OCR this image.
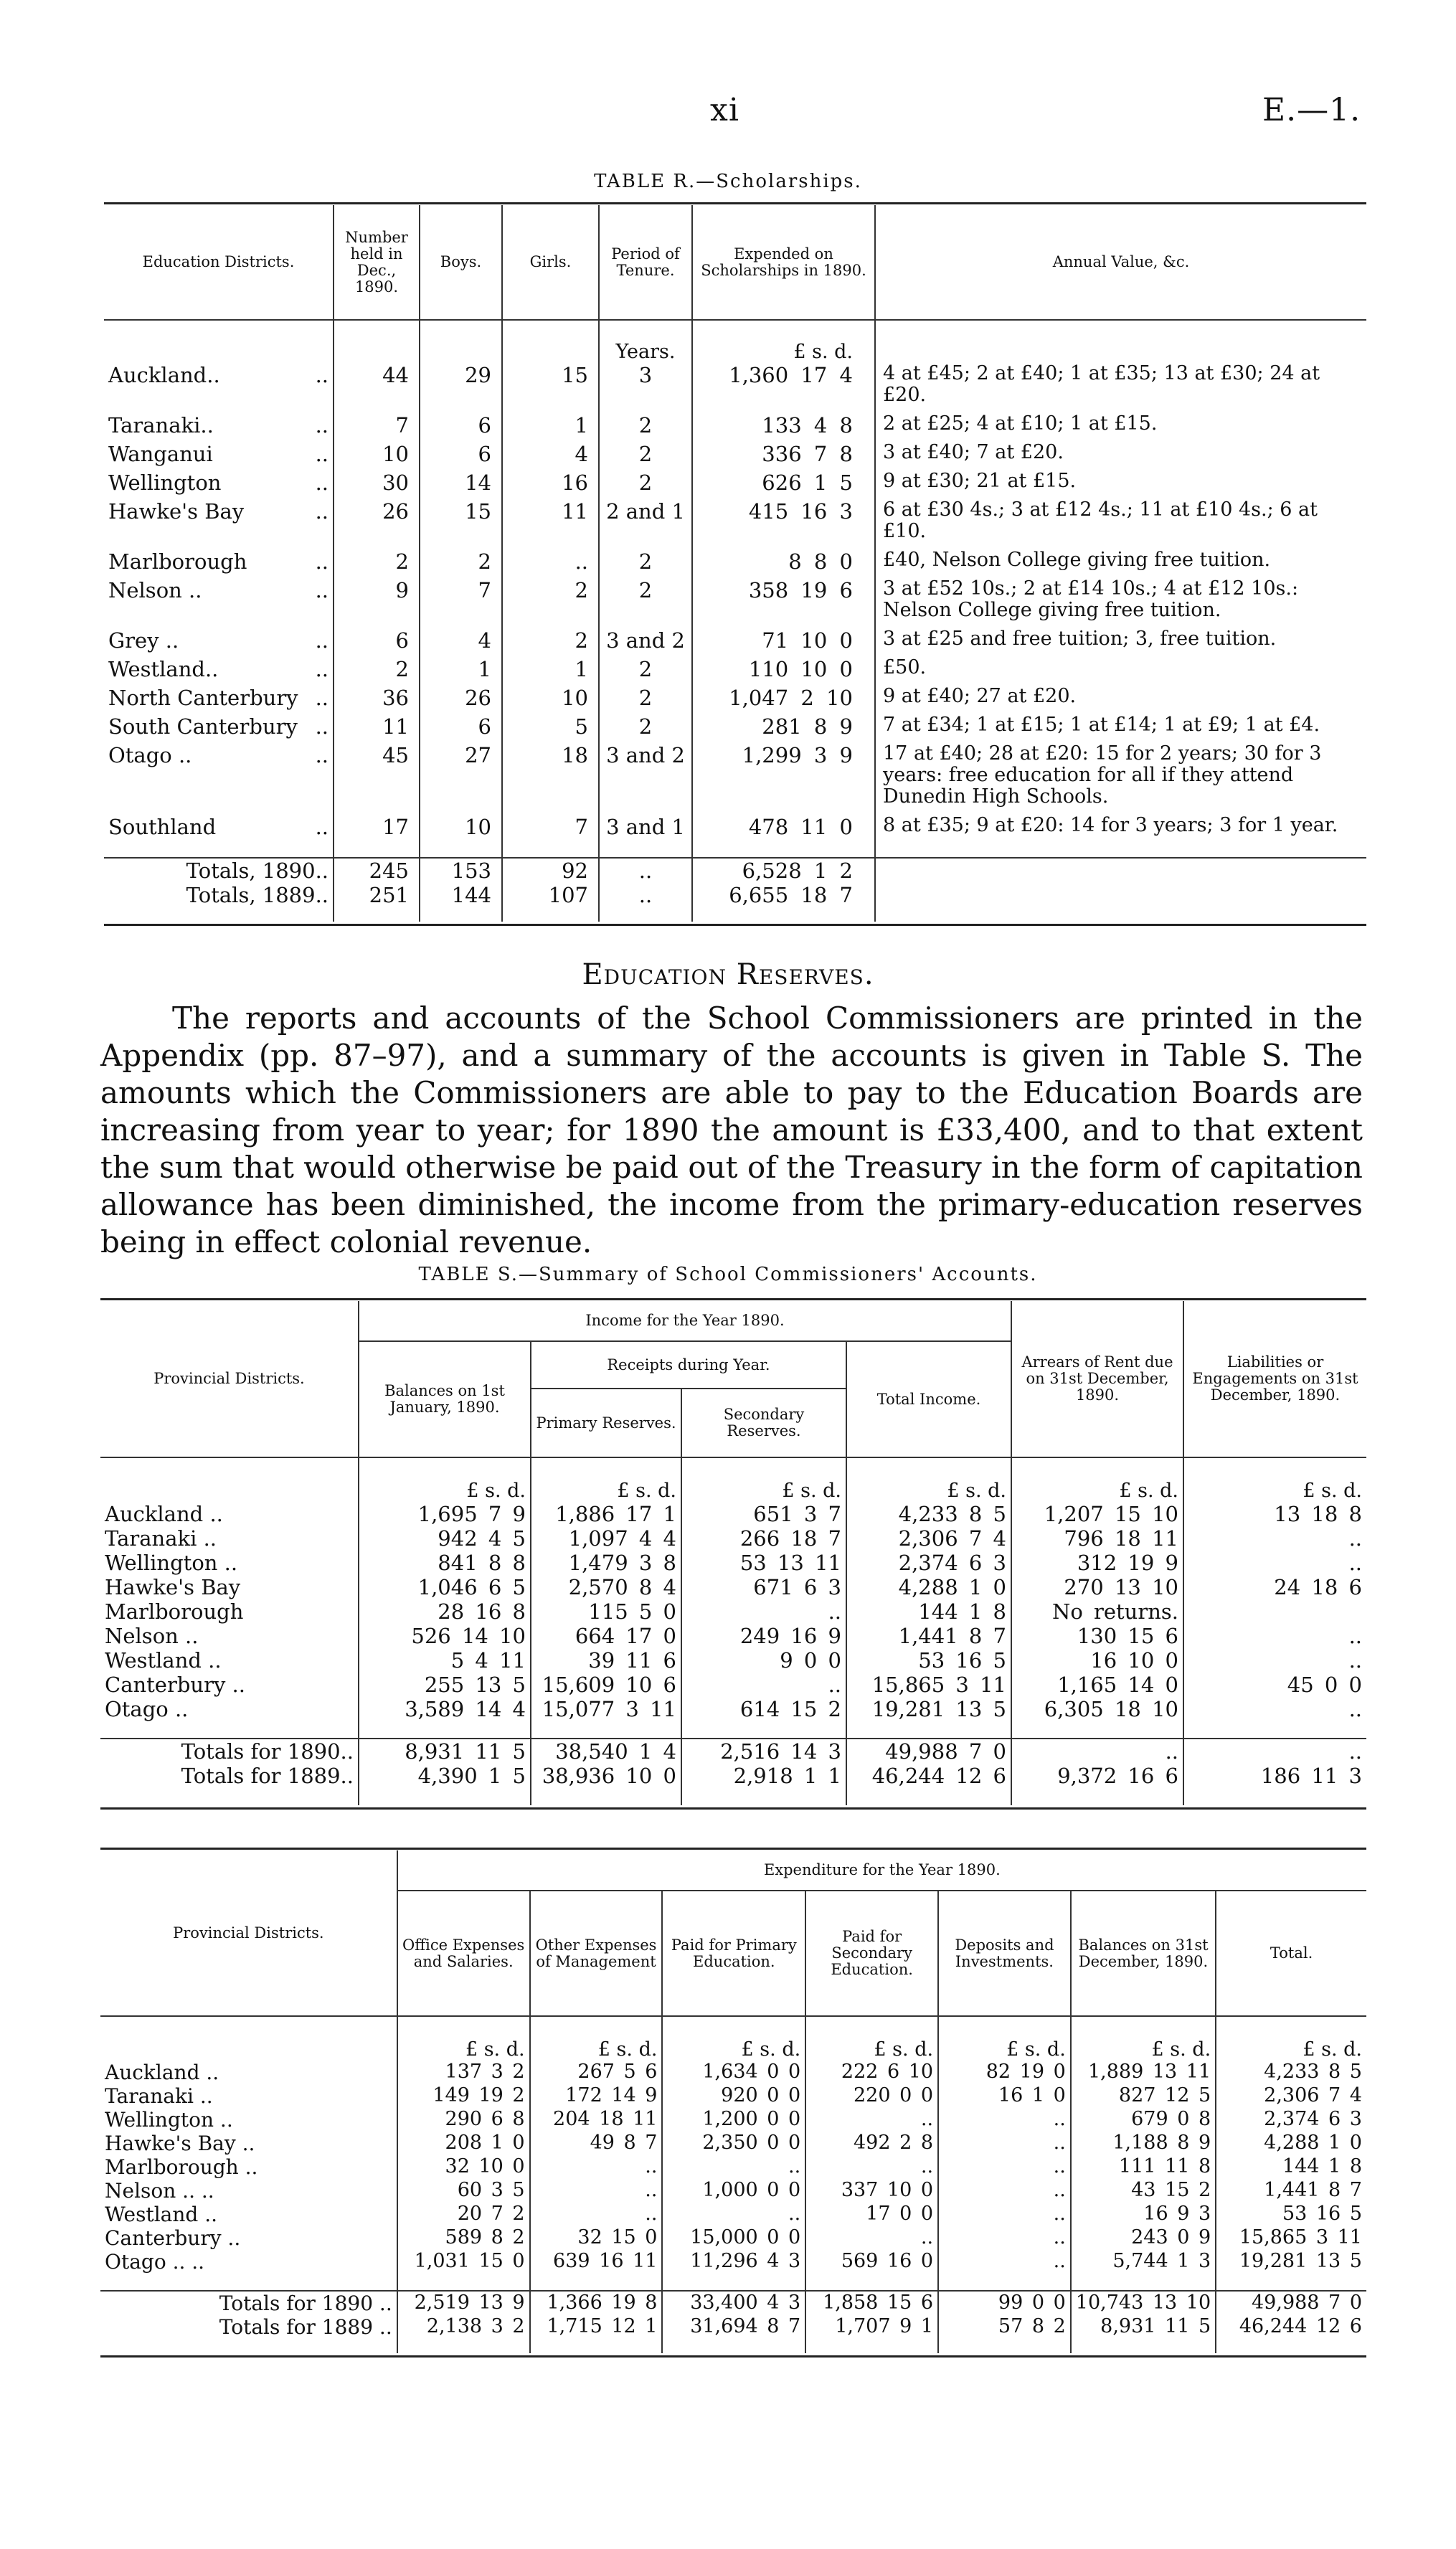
xi	E.—1.
TABLE R.—Scholarships.
Education Districts.	Number held in Dec., 1890.	Boys.	Girls.	Period of Tenure.	Expended on Scholarships in 1890.	Annual Value, &c.
				Years.	£ s. d.	
Auckland.. ..	44	29	15	3	1,360 17 4	4 at £45; 2 at £40; 1 at £35; 13 at £30; 24 at £20.
Taranaki.. ..	7	6	1	2	133 4 8	2 at £25; 4 at £10; 1 at £15.
Wanganui ..	10	6	4	2	336 7 8	3 at £40; 7 at £20.
Wellington ..	30	14	16	2	626 1 5	9 at £30; 21 at £15.
Hawke's Bay ..	26	15	11	2 and 1	415 16 3	6 at £30 4s.; 3 at £12 4s.; 11 at £10 4s.; 6 at £10.
Marlborough ..	2	2	..	2	8 8 0	£40, Nelson College giving free tuition.
Nelson .. ..	9	7	2	2	358 19 6	3 at £52 10s.; 2 at £14 10s.; 4 at £12 10s.: Nelson College giving free tuition.
Grey .. ..	6	4	2	3 and 2	71 10 0	3 at £25 and free tuition; 3, free tuition.
Westland.. ..	2	1	1	2	110 10 0	£50.
North Canterbury ..	36	26	10	2	1,047 2 10	9 at £40; 27 at £20.
South Canterbury ..	11	6	5	2	281 8 9	7 at £34; 1 at £15; 1 at £14; 1 at £9; 1 at £4.
Otago .. ..	45	27	18	3 and 2	1,299 3 9	17 at £40; 28 at £20: 15 for 2 years; 30 for 3 years: free education for all if they attend Dunedin High Schools.
Southland ..	17	10	7	3 and 1	478 11 0	8 at £35; 9 at £20: 14 for 3 years; 3 for 1 year.

Totals, 1890..	245	153	92	..	6,528 1 2	
Totals, 1889..	251	144	107	..	6,655 18 7	

Education Reserves.
The reports and accounts of the School Commissioners are printed in the Appendix (pp. 87–97), and a summary of the accounts is given in Table S. The amounts which the Commissioners are able to pay to the Education Boards are increasing from year to year; for 1890 the amount is £33,400, and to that extent the sum that would otherwise be paid out of the Treasury in the form of capitation allowance has been diminished, the income from the primary-education reserves being in effect colonial revenue.
TABLE S.—Summary of School Commissioners' Accounts.
Provincial Districts.	Income for the Year 1890.				Arrears of Rent due on 31st December, 1890.	Liabilities or Engagements on 31st December, 1890.
	Balances on 1st January, 1890.	Receipts during Year.		Total Income.		
		Primary Reserves.	Secondary Reserves.			
	£ s. d.	£ s. d.	£ s. d.	£ s. d.	£ s. d.	£ s. d.
Auckland ..	1,695 7 9	1,886 17 1	651 3 7	4,233 8 5	1,207 15 10	13 18 8
Taranaki ..	942 4 5	1,097 4 4	266 18 7	2,306 7 4	796 18 11	..
Wellington ..	841 8 8	1,479 3 8	53 13 11	2,374 6 3	312 19 9	..
Hawke's Bay	1,046 6 5	2,570 8 4	671 6 3	4,288 1 0	270 13 10	24 18 6
Marlborough	28 16 8	115 5 0	..	144 1 8	No returns.	
Nelson ..	526 14 10	664 17 0	249 16 9	1,441 8 7	130 15 6	..
Westland ..	5 4 11	39 11 6	9 0 0	53 16 5	16 10 0	..
Canterbury ..	255 13 5	15,609 10 6	..	15,865 3 11	1,165 14 0	45 0 0
Otago ..	3,589 14 4	15,077 3 11	614 15 2	19,281 13 5	6,305 18 10	..

Totals for 1890..	8,931 11 5	38,540 1 4	2,516 14 3	49,988 7 0	..	..
Totals for 1889..	4,390 1 5	38,936 10 0	2,918 1 1	46,244 12 6	9,372 16 6	186 11 3

Provincial Districts.	Expenditure for the Year 1890.						
	Office Expenses and Salaries.	Other Expenses of Management	Paid for Primary Education.	Paid for Secondary Education.	Deposits and Investments.	Balances on 31st December, 1890.	Total.
	£ s. d.	£ s. d.	£ s. d.	£ s. d.	£ s. d.	£ s. d.	£ s. d.
Auckland ..	137 3 2	267 5 6	1,634 0 0	222 6 10	82 19 0	1,889 13 11	4,233 8 5
Taranaki ..	149 19 2	172 14 9	920 0 0	220 0 0	16 1 0	827 12 5	2,306 7 4
Wellington ..	290 6 8	204 18 11	1,200 0 0	..	..	679 0 8	2,374 6 3
Hawke's Bay ..	208 1 0	49 8 7	2,350 0 0	492 2 8	..	1,188 8 9	4,288 1 0
Marlborough ..	32 10 0	..	..	..	..	111 11 8	144 1 8
Nelson .. ..	60 3 5	..	1,000 0 0	337 10 0	..	43 15 2	1,441 8 7
Westland ..	20 7 2	..	..	17 0 0	..	16 9 3	53 16 5
Canterbury ..	589 8 2	32 15 0	15,000 0 0	..	..	243 0 9	15,865 3 11
Otago .. ..	1,031 15 0	639 16 11	11,296 4 3	569 16 0	..	5,744 1 3	19,281 13 5

Totals for 1890 ..	2,519 13 9	1,366 19 8	33,400 4 3	1,858 15 6	99 0 0	10,743 13 10	49,988 7 0
Totals for 1889 ..	2,138 3 2	1,715 12 1	31,694 8 7	1,707 9 1	57 8 2	8,931 11 5	46,244 12 6
